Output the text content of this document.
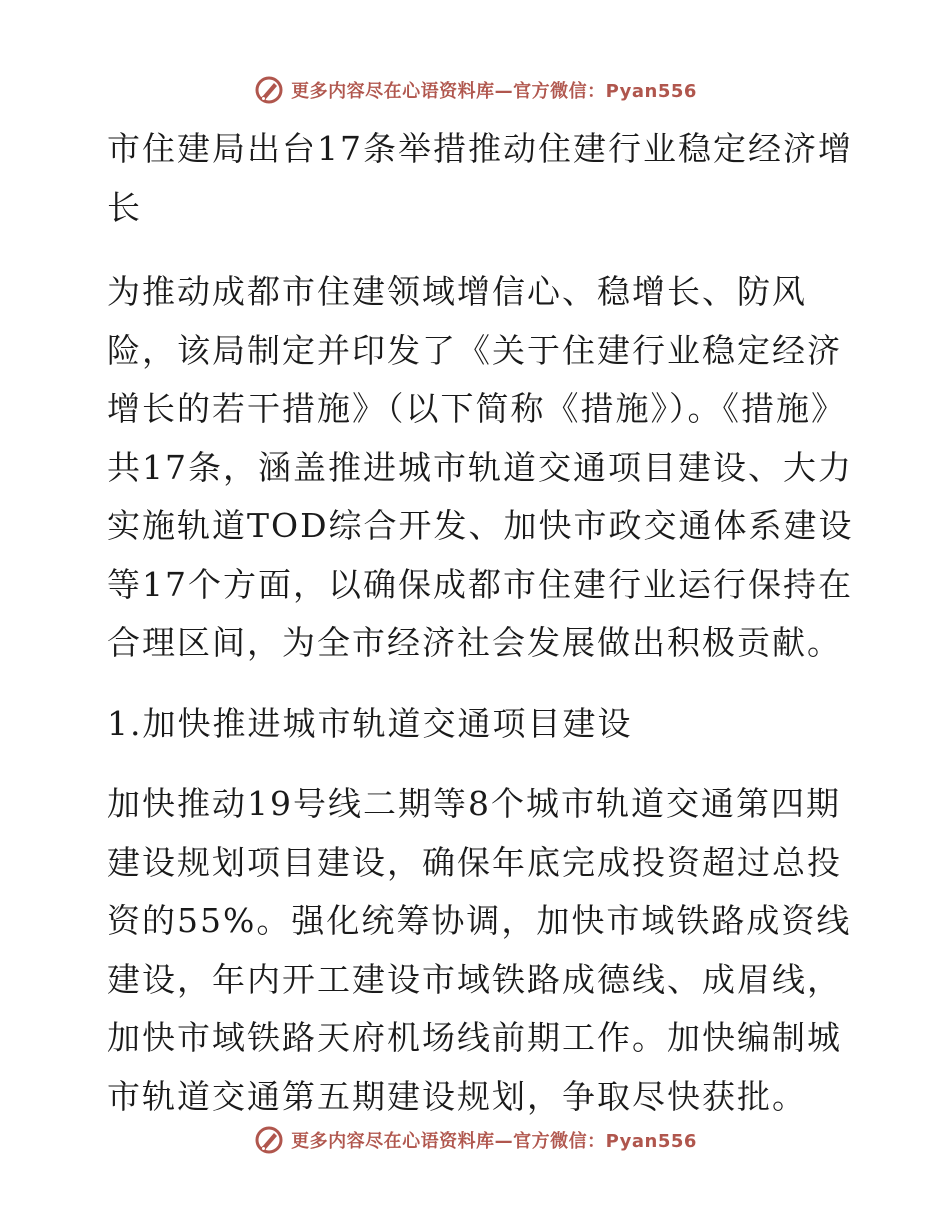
更多内容尽在心语资料库—官方微信：Pyan556

市住建局出台17条举措推动住建行业稳定经济增长

为推动成都市住建领域增信心、稳增长、防风险，该局制定并印发了《关于住建行业稳定经济增长的若干措施》（以下简称《措施》）。《措施》共17条，涵盖推进城市轨道交通项目建设、大力实施轨道TOD综合开发、加快市政交通体系建设等17个方面，以确保成都市住建行业运行保持在合理区间，为全市经济社会发展做出积极贡献。

1.加快推进城市轨道交通项目建设

加快推动19号线二期等8个城市轨道交通第四期建设规划项目建设，确保年底完成投资超过总投资的55%。强化统筹协调，加快市域铁路成资线建设，年内开工建设市域铁路成德线、成眉线，加快市域铁路天府机场线前期工作。加快编制城市轨道交通第五期建设规划，争取尽快获批。

更多内容尽在心语资料库—官方微信：Pyan556
